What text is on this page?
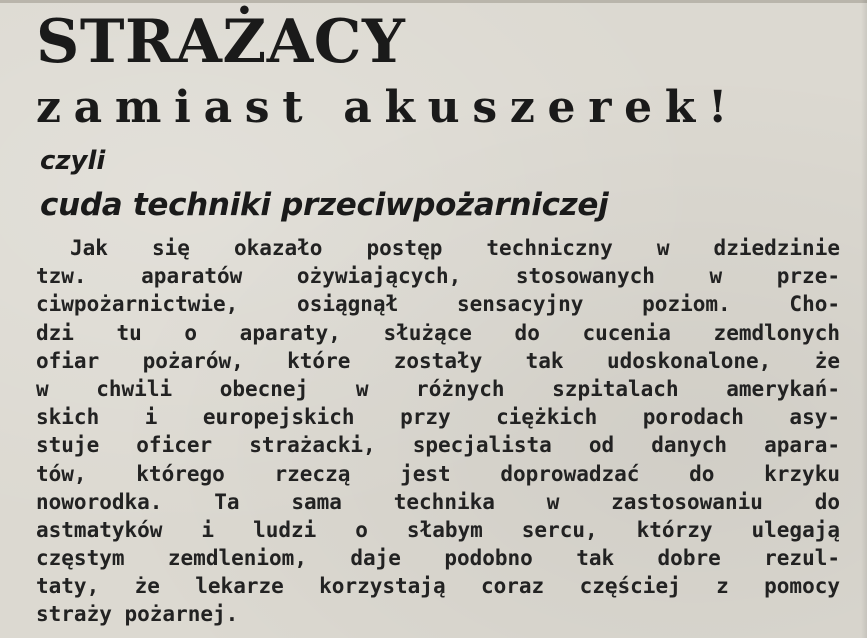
STRAŻACY
zamiast akuszerek!
czyli
cuda techniki przeciwpożarniczej
Jak się okazało postęp techniczny w dziedzinie
tzw. aparatów ożywiających, stosowanych w prze-
ciwpożarnictwie, osiągnął sensacyjny poziom. Cho-
dzi tu o aparaty, służące do cucenia zemdlonych
ofiar pożarów, które zostały tak udoskonalone, że
w chwili obecnej w różnych szpitalach amerykań-
skich i europejskich przy ciężkich porodach asy-
stuje oficer strażacki, specjalista od danych apara-
tów, którego rzeczą jest doprowadzać do krzyku
noworodka. Ta sama technika w zastosowaniu do
astmatyków i ludzi o słabym sercu, którzy ulegają
częstym zemdleniom, daje podobno tak dobre rezul-
taty, że lekarze korzystają coraz częściej z pomocy
straży pożarnej.
